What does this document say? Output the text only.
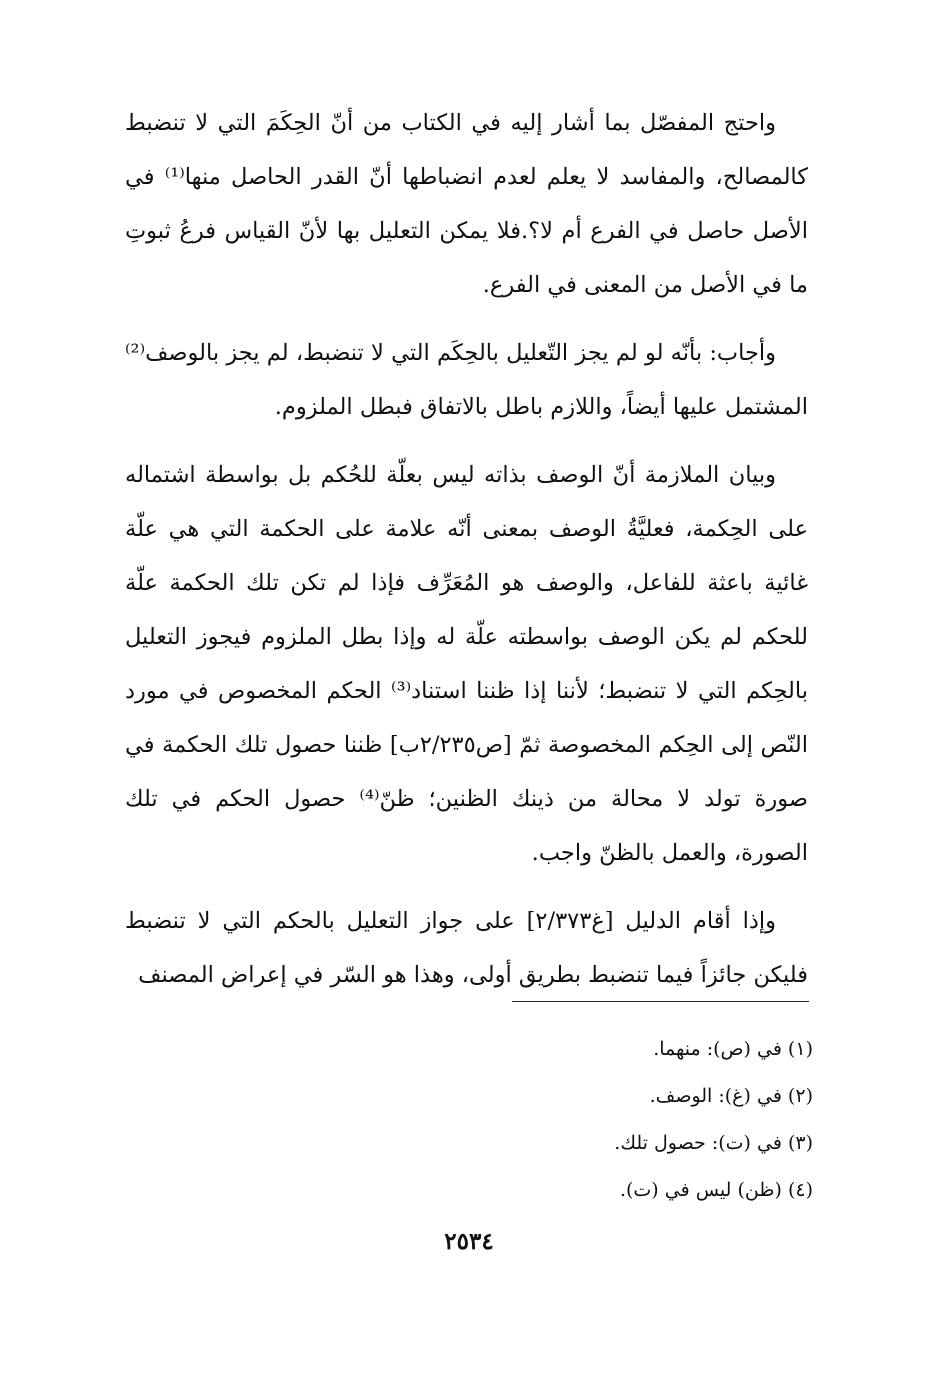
واحتج المفصّل بما أشار إليه في الكتاب من أنّ الحِكَمَ التي لا تنضبط كالمصالح، والمفاسد لا يعلم لعدم انضباطها أنّ القدر الحاصل منها⁽¹⁾ في الأصل حاصل في الفرع أم لا؟.فلا يمكن التعليل بها لأنّ القياس فرعُ ثبوتِ ما في الأصل من المعنى في الفرع.

وأجاب: بأنّه لو لم يجز التّعليل بالحِكَم التي لا تنضبط، لم يجز بالوصف⁽²⁾ المشتمل عليها أيضاً، واللازم باطل بالاتفاق فبطل الملزوم.

وبيان الملازمة أنّ الوصف بذاته ليس بعلّة للحُكم بل بواسطة اشتماله على الحِكمة، فعليَّةُ الوصف بمعنى أنّه علامة على الحكمة التي هي علّة غائية باعثة للفاعل، والوصف هو المُعَرِّف فإذا لم تكن تلك الحكمة علّة للحكم لم يكن الوصف بواسطته علّة له وإذا بطل الملزوم فيجوز التعليل بالحِكم التي لا تنضبط؛ لأننا إذا ظننا استناد⁽³⁾ الحكم المخصوص في مورد النّص إلى الحِكم المخصوصة ثمّ [ص٢/٢٣٥ب] ظننا حصول تلك الحكمة في صورة تولد لا محالة من ذينك الظنين؛ ظنّ⁽⁴⁾ حصول الحكم في تلك الصورة، والعمل بالظنّ واجب.

وإذا أقام الدليل [غ٢/٣٧٣] على جواز التعليل بالحكم التي لا تنضبط فليكن جائزاً فيما تنضبط بطريق أولى، وهذا هو السّر في إعراض المصنف

(١) في (ص): منهما.

(٢) في (غ): الوصف.

(٣) في (ت): حصول تلك.

(٤) (ظن) ليس في (ت).

٢٥٣٤
